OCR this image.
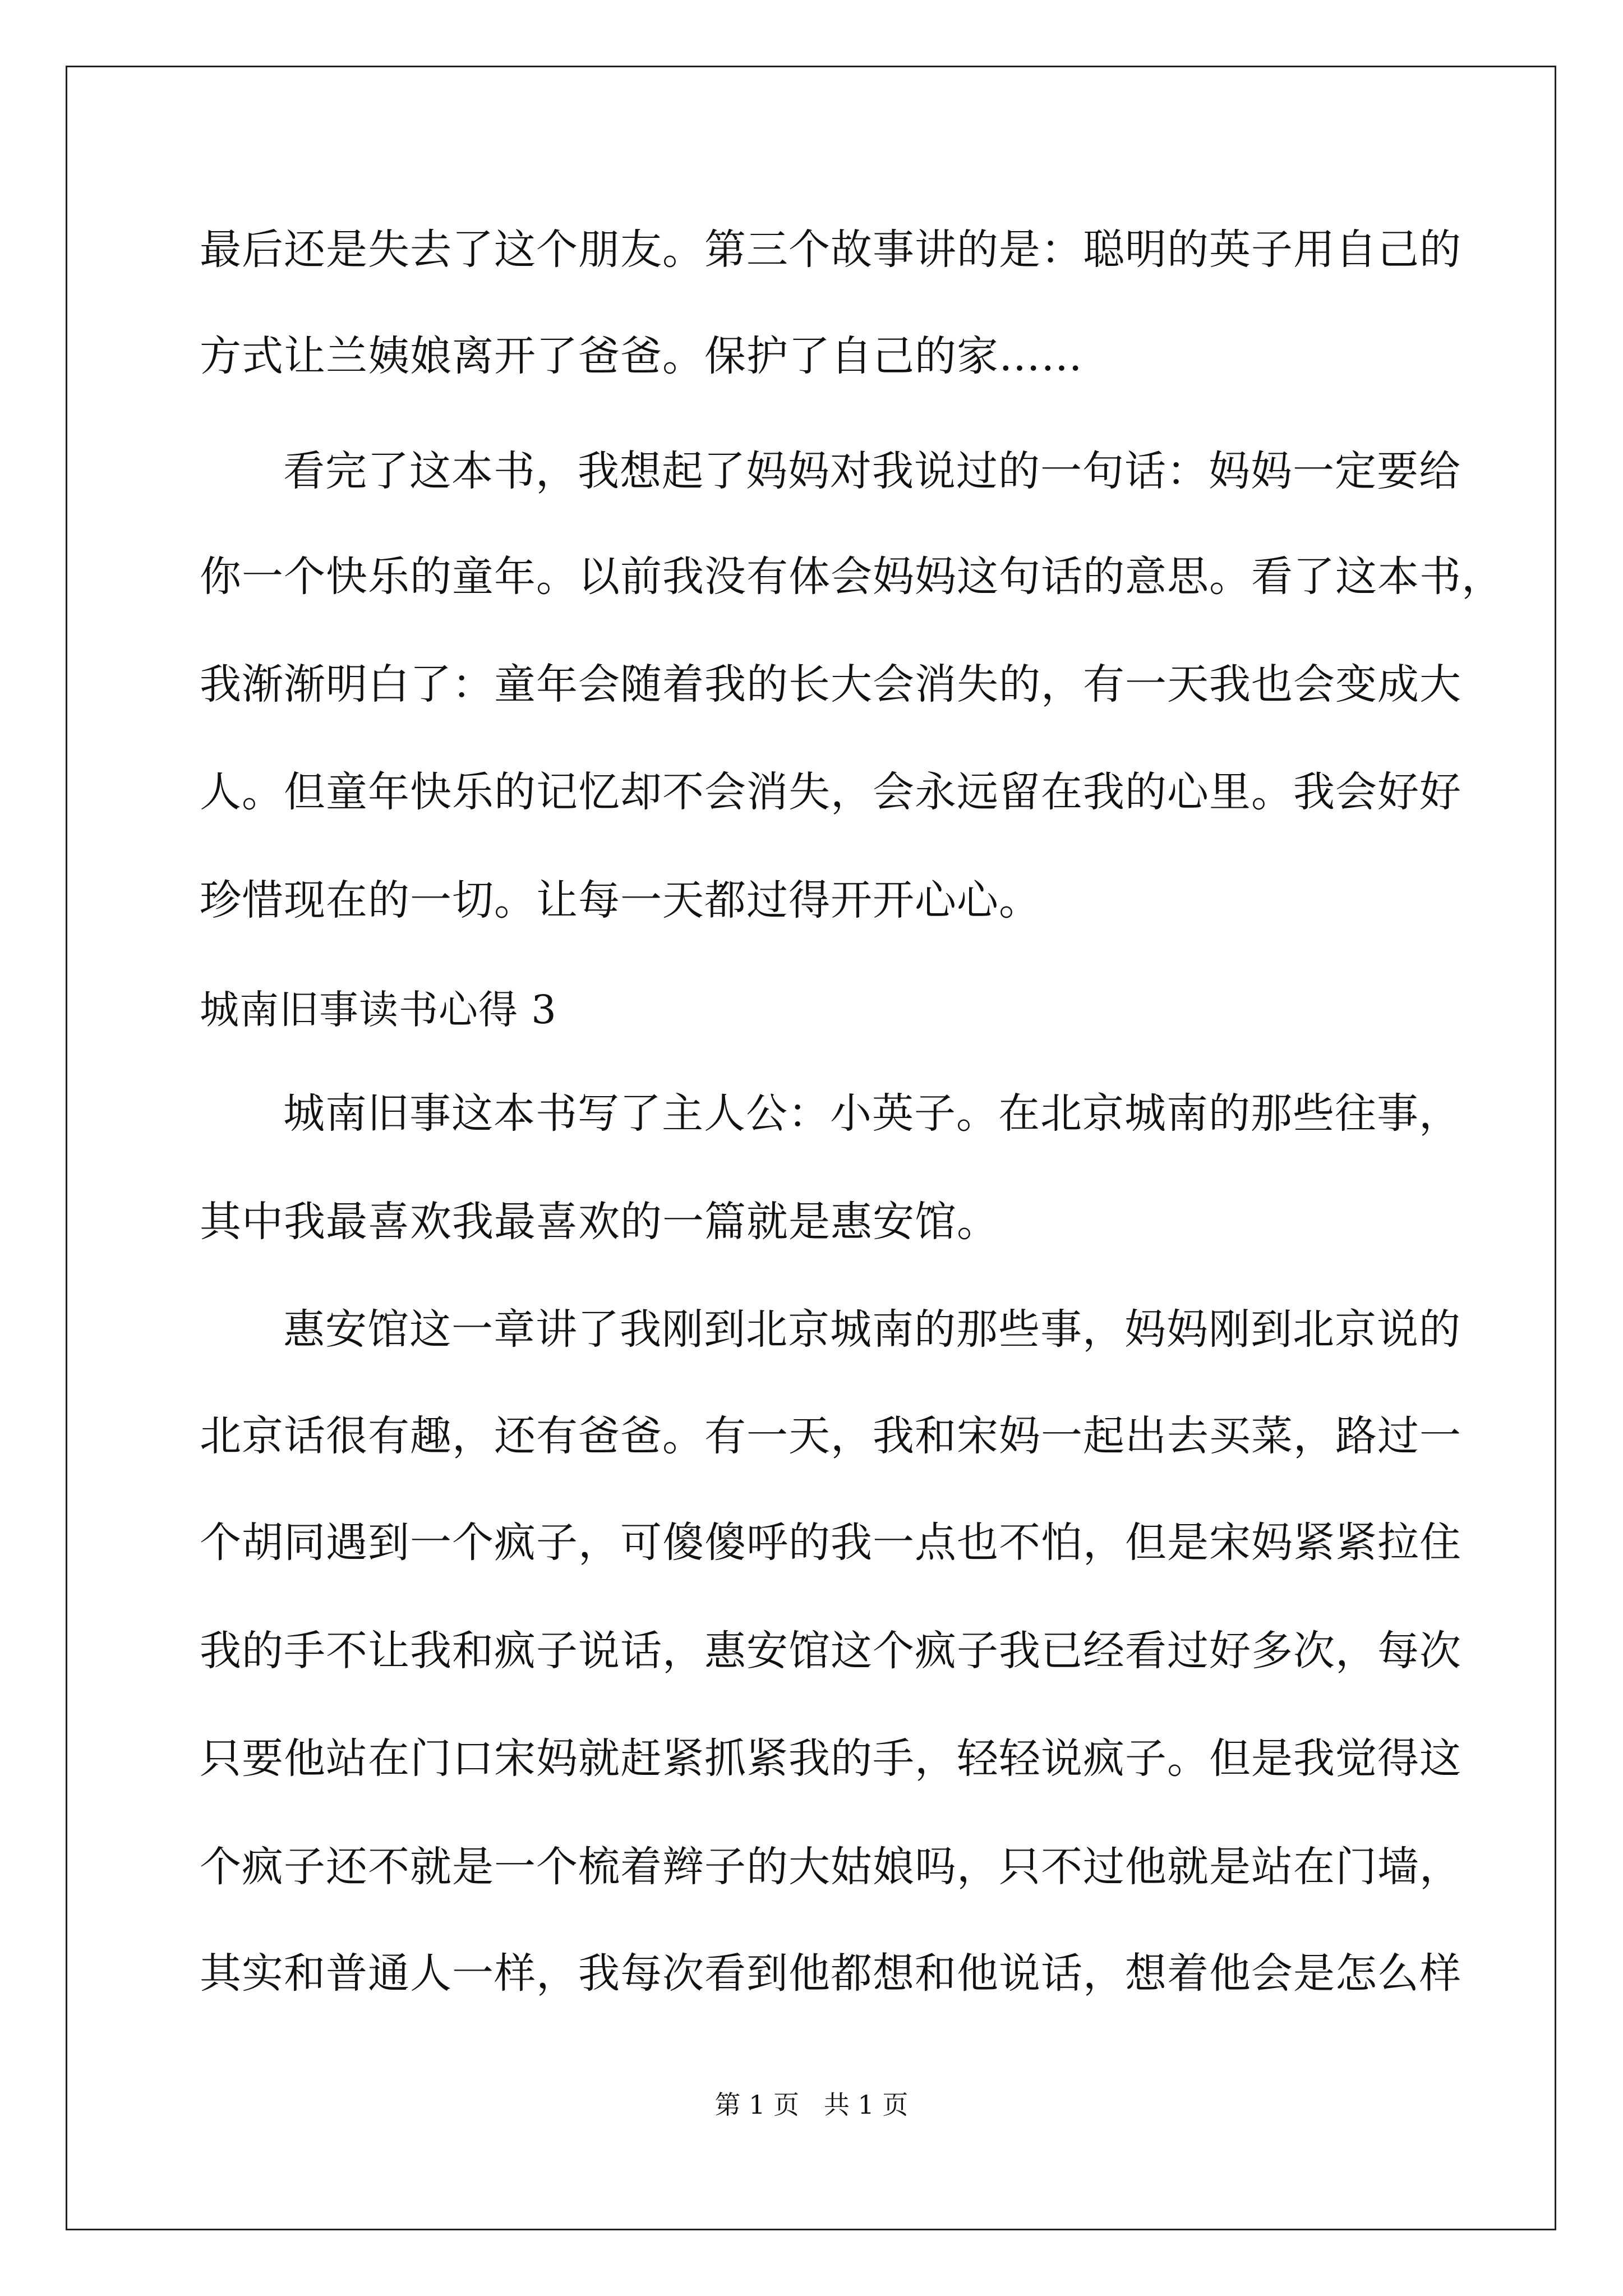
最后还是失去了这个朋友。第三个故事讲的是：聪明的英子用自己的
方式让兰姨娘离开了爸爸。保护了自己的家……
看完了这本书，我想起了妈妈对我说过的一句话：妈妈一定要给
你一个快乐的童年。以前我没有体会妈妈这句话的意思。看了这本书，
我渐渐明白了：童年会随着我的长大会消失的，有一天我也会变成大
人。但童年快乐的记忆却不会消失，会永远留在我的心里。我会好好
珍惜现在的一切。让每一天都过得开开心心。
城南旧事读书心得 3
城南旧事这本书写了主人公：小英子。在北京城南的那些往事，
其中我最喜欢我最喜欢的一篇就是惠安馆。
惠安馆这一章讲了我刚到北京城南的那些事，妈妈刚到北京说的
北京话很有趣，还有爸爸。有一天，我和宋妈一起出去买菜，路过一
个胡同遇到一个疯子，可傻傻呼的我一点也不怕，但是宋妈紧紧拉住
我的手不让我和疯子说话，惠安馆这个疯子我已经看过好多次，每次
只要他站在门口宋妈就赶紧抓紧我的手，轻轻说疯子。但是我觉得这
个疯子还不就是一个梳着辫子的大姑娘吗，只不过他就是站在门墙，
其实和普通人一样，我每次看到他都想和他说话，想着他会是怎么样
第 1 页   共 1 页
